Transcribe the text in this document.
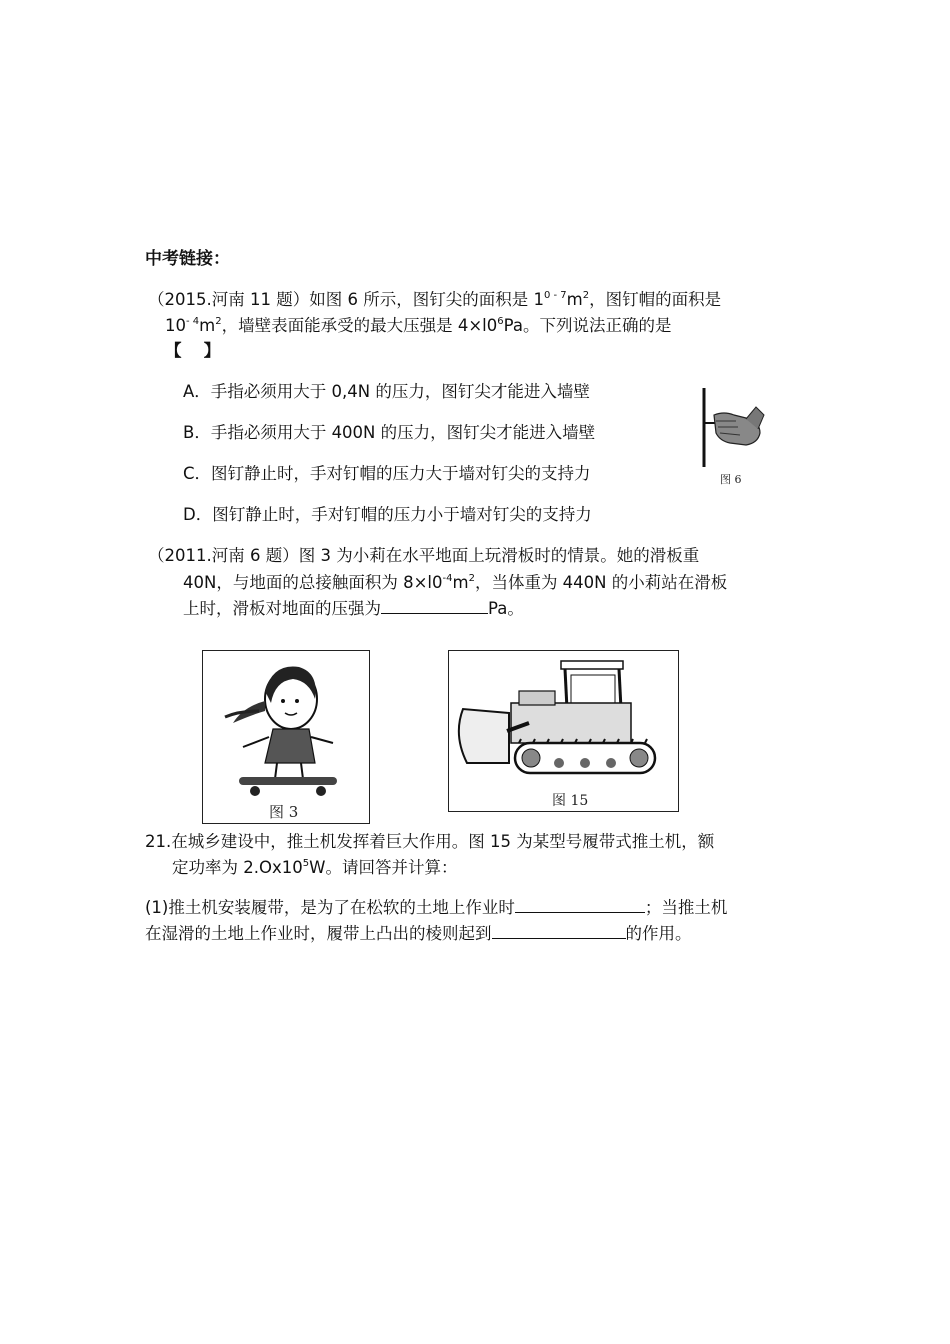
中考链接：
（2015.河南 11 题）如图 6 所示，图钉尖的面积是 $1^{0 - 7}m^2$，图钉帽的面积是
$10^{- 4}m^2$，墙壁表面能承受的最大压强是 $4\times l0^6Pa$。下列说法正确的是
【　 】
A．手指必须用大于 0,4N 的压力，图钉尖才能进入墙壁
B．手指必须用大于 400N 的压力，图钉尖才能进入墙壁
C．图钉静止时，手对钉帽的压力大于墙对钉尖的支持力
D．图钉静止时，手对钉帽的压力小于墙对钉尖的支持力
图 6
（2011.河南 6 题）图 3 为小莉在水平地面上玩滑板时的情景。她的滑板重
40N，与地面的总接触面积为 $8\times l0^{-4}m^2$，当体重为 440N 的小莉站在滑板
上时，滑板对地面的压强为	Pa。
图 3
图 15
21.在城乡建设中，推土机发挥着巨大作用。图 15 为某型号履带式推土机，额
定功率为 $2.Ox10^5W$。请回答并计算：
(1)推土机安装履带，是为了在松软的土地上作业时	；当推土机
在湿滑的土地上作业时，履带上凸出的棱则起到	的作用。
